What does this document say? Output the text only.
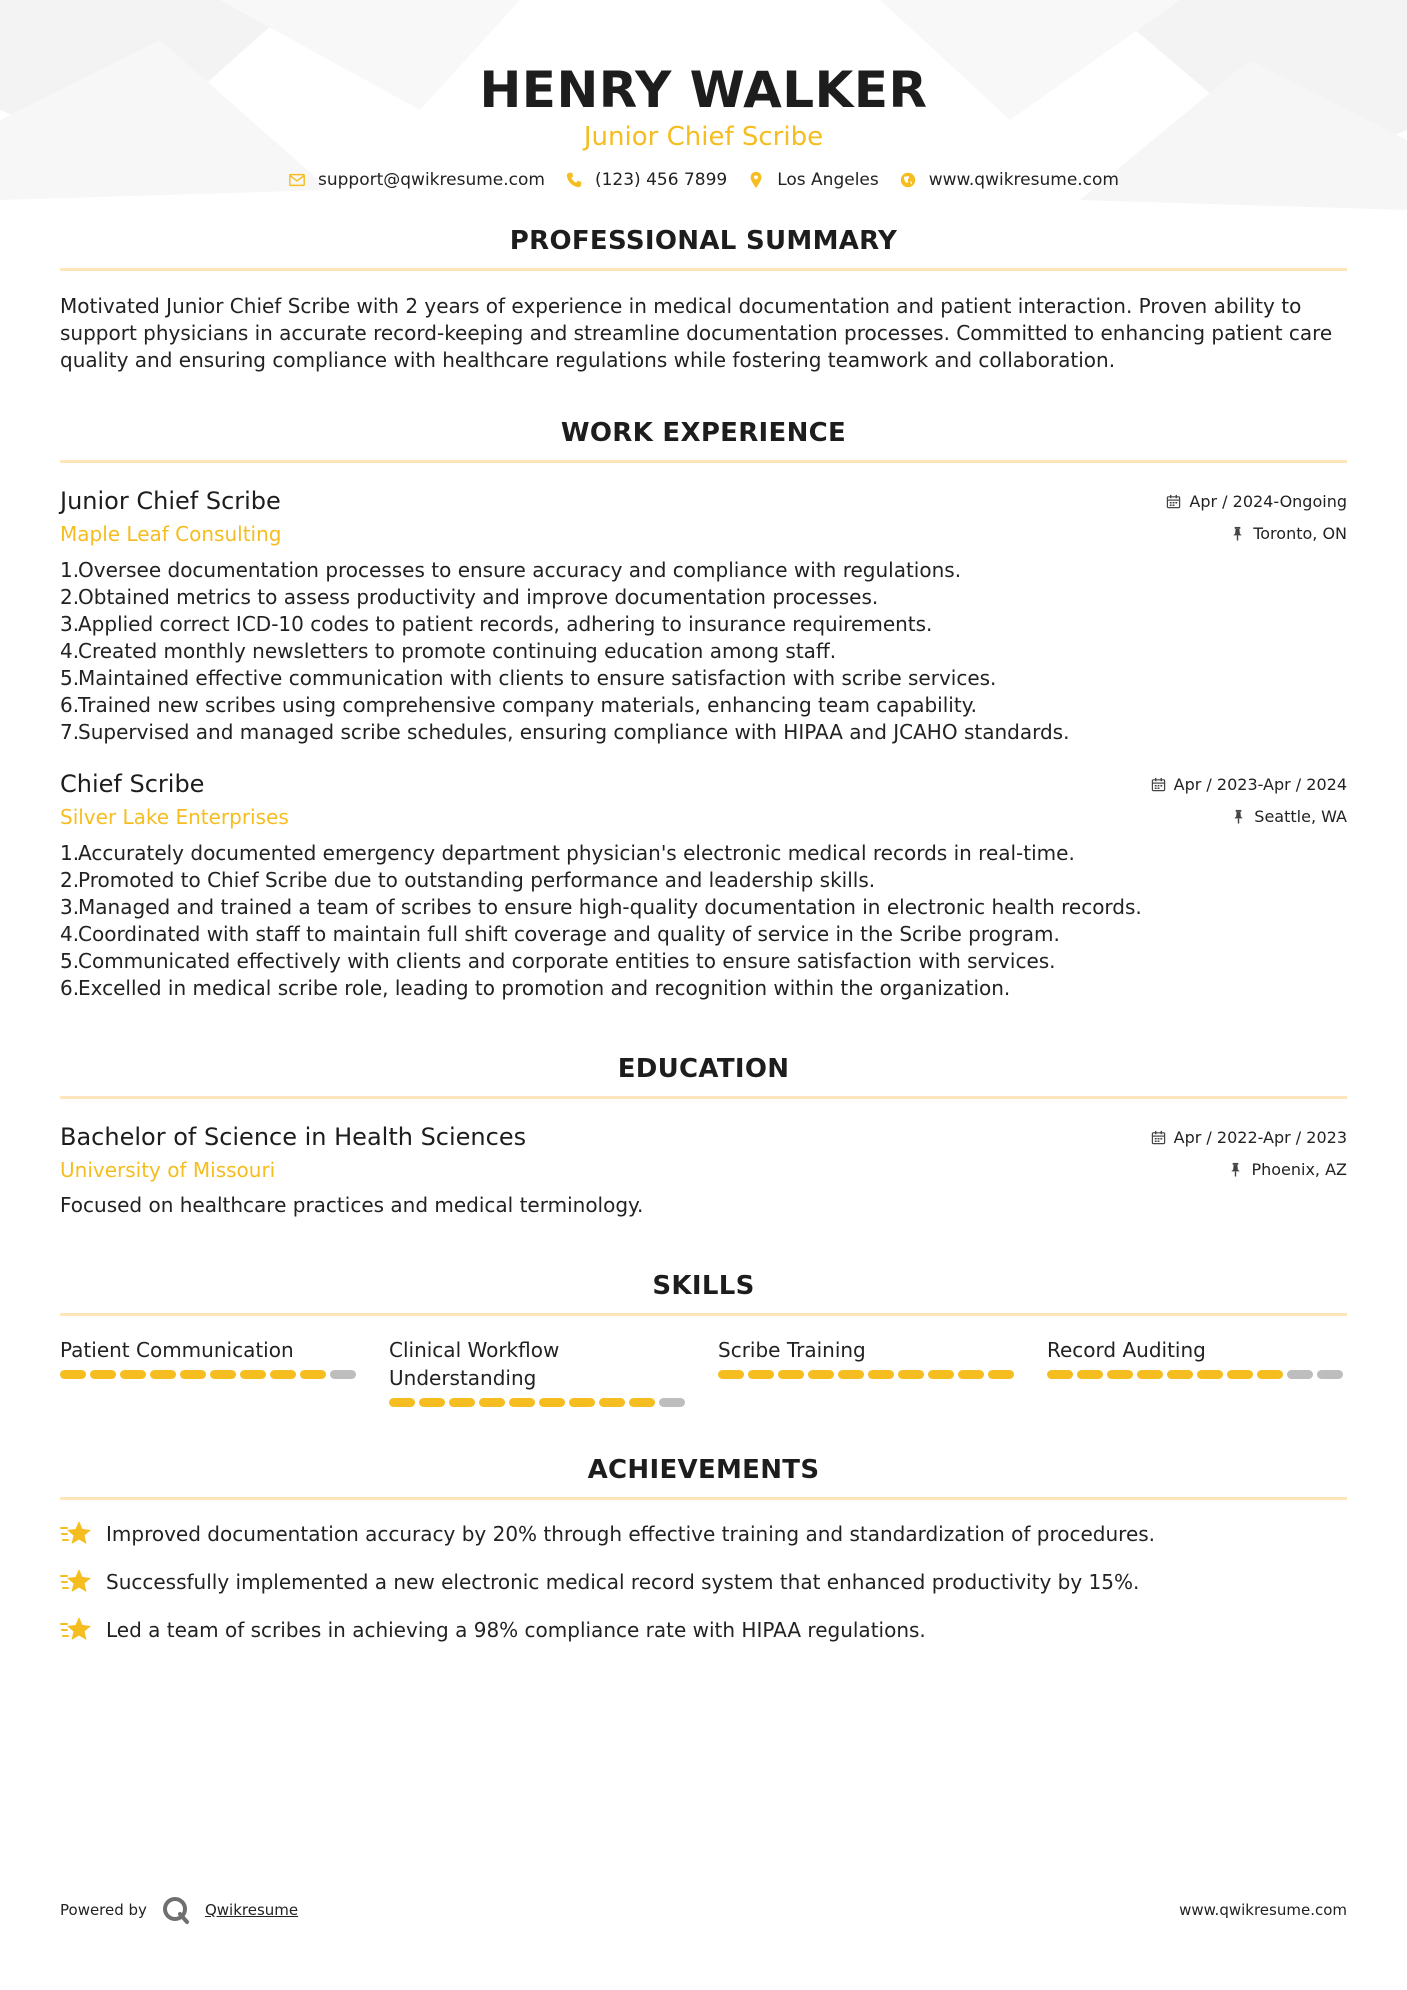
HENRY WALKER
Junior Chief Scribe
support@qwikresume.com	(123) 456 7899	Los Angeles	www.qwikresume.com
PROFESSIONAL SUMMARY

Motivated Junior Chief Scribe with 2 years of experience in medical documentation and patient interaction. Proven ability to support physicians in accurate record-keeping and streamline documentation processes. Committed to enhancing patient care quality and ensuring compliance with healthcare regulations while fostering teamwork and collaboration.

WORK EXPERIENCE
Junior Chief Scribe
Maple Leaf Consulting
Apr / 2024-Ongoing
Toronto, ON
1.
Oversee documentation processes to ensure accuracy and compliance with regulations.
2.
Obtained metrics to assess productivity and improve documentation processes.
3.
Applied correct ICD-10 codes to patient records, adhering to insurance requirements.
4.
Created monthly newsletters to promote continuing education among staff.
5.
Maintained effective communication with clients to ensure satisfaction with scribe services.
6.
Trained new scribes using comprehensive company materials, enhancing team capability.
7.
Supervised and managed scribe schedules, ensuring compliance with HIPAA and JCAHO standards.
Chief Scribe
Silver Lake Enterprises
Apr / 2023-Apr / 2024
Seattle, WA
1.
Accurately documented emergency department physician's electronic medical records in real-time.
2.
Promoted to Chief Scribe due to outstanding performance and leadership skills.
3.
Managed and trained a team of scribes to ensure high-quality documentation in electronic health records.
4.
Coordinated with staff to maintain full shift coverage and quality of service in the Scribe program.
5.
Communicated effectively with clients and corporate entities to ensure satisfaction with services.
6.
Excelled in medical scribe role, leading to promotion and recognition within the organization.
EDUCATION
Bachelor of Science in Health Sciences
University of Missouri
Apr / 2022-Apr / 2023
Phoenix, AZ

Focused on healthcare practices and medical terminology.

SKILLS
Patient Communication	Clinical Workflow Understanding
Scribe Training	Record Auditing
ACHIEVEMENTS
Improved documentation accuracy by 20% through effective training and standardization of procedures.
Successfully implemented a new electronic medical record system that enhanced productivity by 15%.
Led a team of scribes in achieving a 98% compliance rate with HIPAA regulations.
Powered by	Qwikresume	www.qwikresume.com
